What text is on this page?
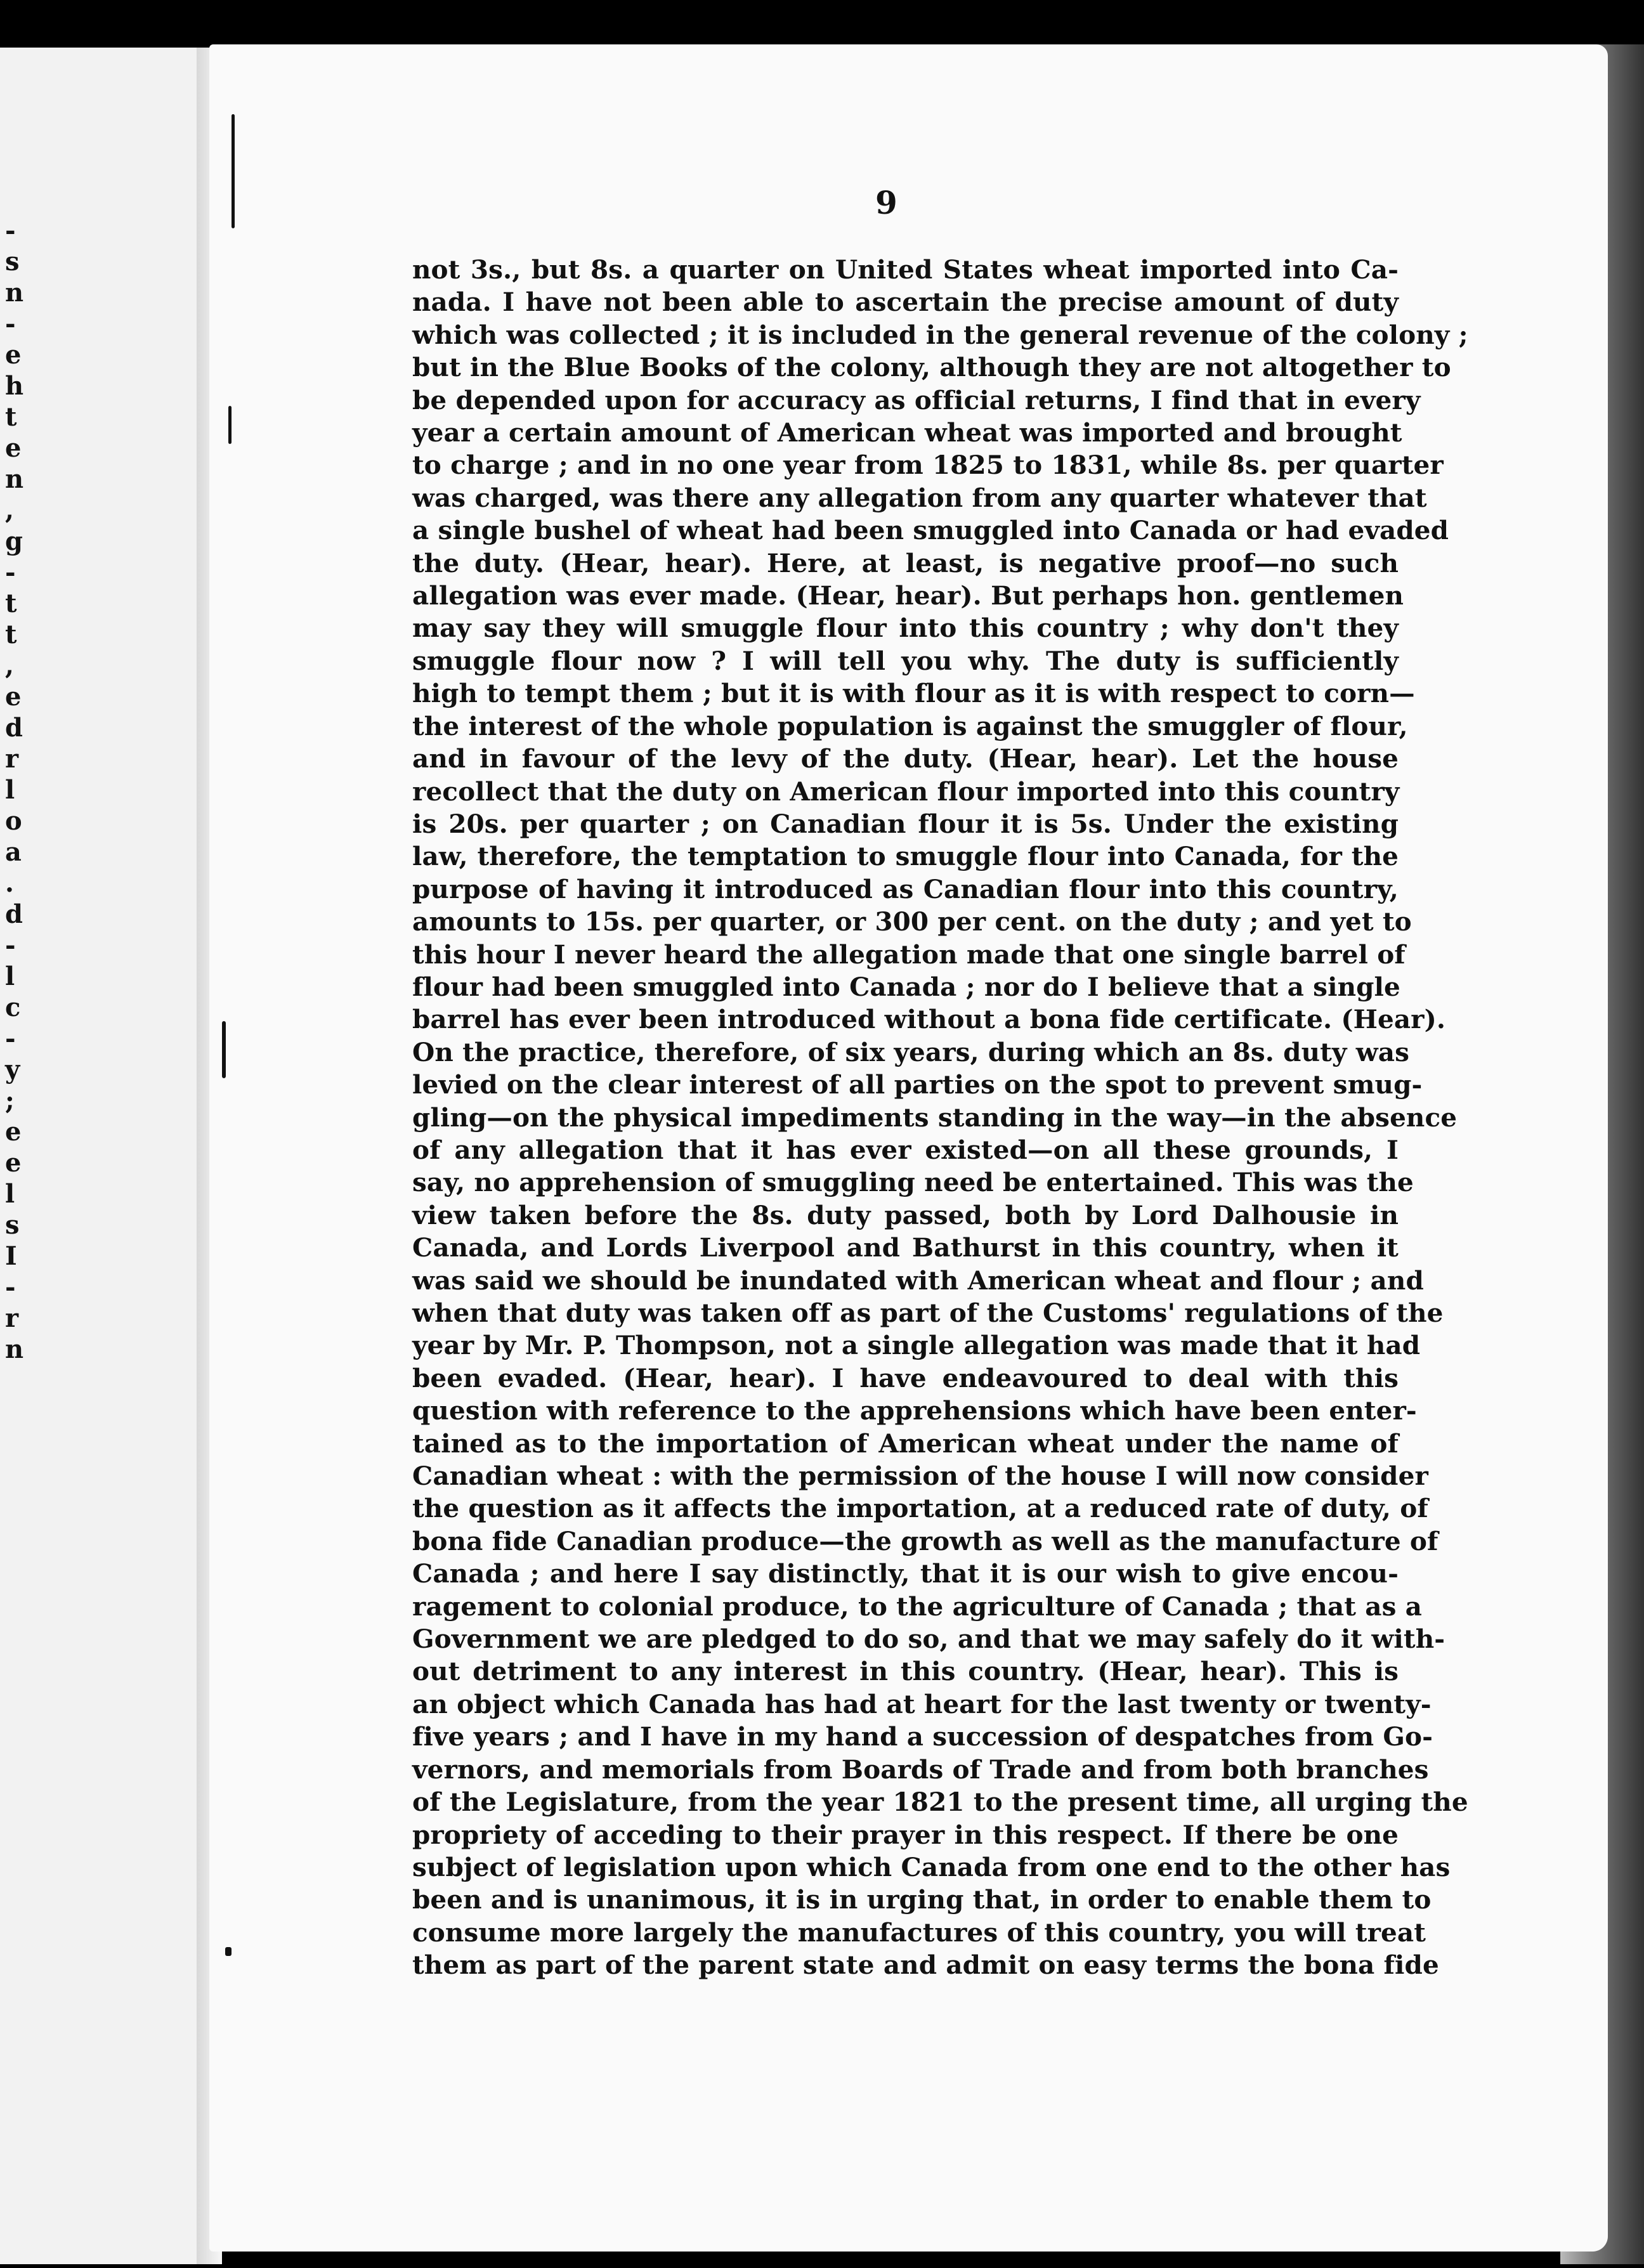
-
s
n
-
e
h
t
e
n
,
g
-
t
t
,
e
d
r
l
o
a
.
d
-
l
c
-
y
;
e
e
l
s
I
-
r
n
9
not 3s., but 8s. a quarter on United States wheat imported into Ca-
nada. I have not been able to ascertain the precise amount of duty
which was collected ; it is included in the general revenue of the colony ;
but in the Blue Books of the colony, although they are not altogether to
be depended upon for accuracy as official returns, I find that in every
year a certain amount of American wheat was imported and brought
to charge ; and in no one year from 1825 to 1831, while 8s. per quarter
was charged, was there any allegation from any quarter whatever that
a single bushel of wheat had been smuggled into Canada or had evaded
the duty. (Hear, hear). Here, at least, is negative proof—no such
allegation was ever made. (Hear, hear). But perhaps hon. gentlemen
may say they will smuggle flour into this country ; why don't they
smuggle flour now ? I will tell you why. The duty is sufficiently
high to tempt them ; but it is with flour as it is with respect to corn—
the interest of the whole population is against the smuggler of flour,
and in favour of the levy of the duty. (Hear, hear). Let the house
recollect that the duty on American flour imported into this country
is 20s. per quarter ; on Canadian flour it is 5s. Under the existing
law, therefore, the temptation to smuggle flour into Canada, for the
purpose of having it introduced as Canadian flour into this country,
amounts to 15s. per quarter, or 300 per cent. on the duty ; and yet to
this hour I never heard the allegation made that one single barrel of
flour had been smuggled into Canada ; nor do I believe that a single
barrel has ever been introduced without a bona fide certificate. (Hear).
On the practice, therefore, of six years, during which an 8s. duty was
levied on the clear interest of all parties on the spot to prevent smug-
gling—on the physical impediments standing in the way—in the absence
of any allegation that it has ever existed—on all these grounds, I
say, no apprehension of smuggling need be entertained. This was the
view taken before the 8s. duty passed, both by Lord Dalhousie in
Canada, and Lords Liverpool and Bathurst in this country, when it
was said we should be inundated with American wheat and flour ; and
when that duty was taken off as part of the Customs' regulations of the
year by Mr. P. Thompson, not a single allegation was made that it had
been evaded. (Hear, hear). I have endeavoured to deal with this
question with reference to the apprehensions which have been enter-
tained as to the importation of American wheat under the name of
Canadian wheat : with the permission of the house I will now consider
the question as it affects the importation, at a reduced rate of duty, of
bona fide Canadian produce—the growth as well as the manufacture of
Canada ; and here I say distinctly, that it is our wish to give encou-
ragement to colonial produce, to the agriculture of Canada ; that as a
Government we are pledged to do so, and that we may safely do it with-
out detriment to any interest in this country. (Hear, hear). This is
an object which Canada has had at heart for the last twenty or twenty-
five years ; and I have in my hand a succession of despatches from Go-
vernors, and memorials from Boards of Trade and from both branches
of the Legislature, from the year 1821 to the present time, all urging the
propriety of acceding to their prayer in this respect. If there be one
subject of legislation upon which Canada from one end to the other has
been and is unanimous, it is in urging that, in order to enable them to
consume more largely the manufactures of this country, you will treat
them as part of the parent state and admit on easy terms the bona fide
